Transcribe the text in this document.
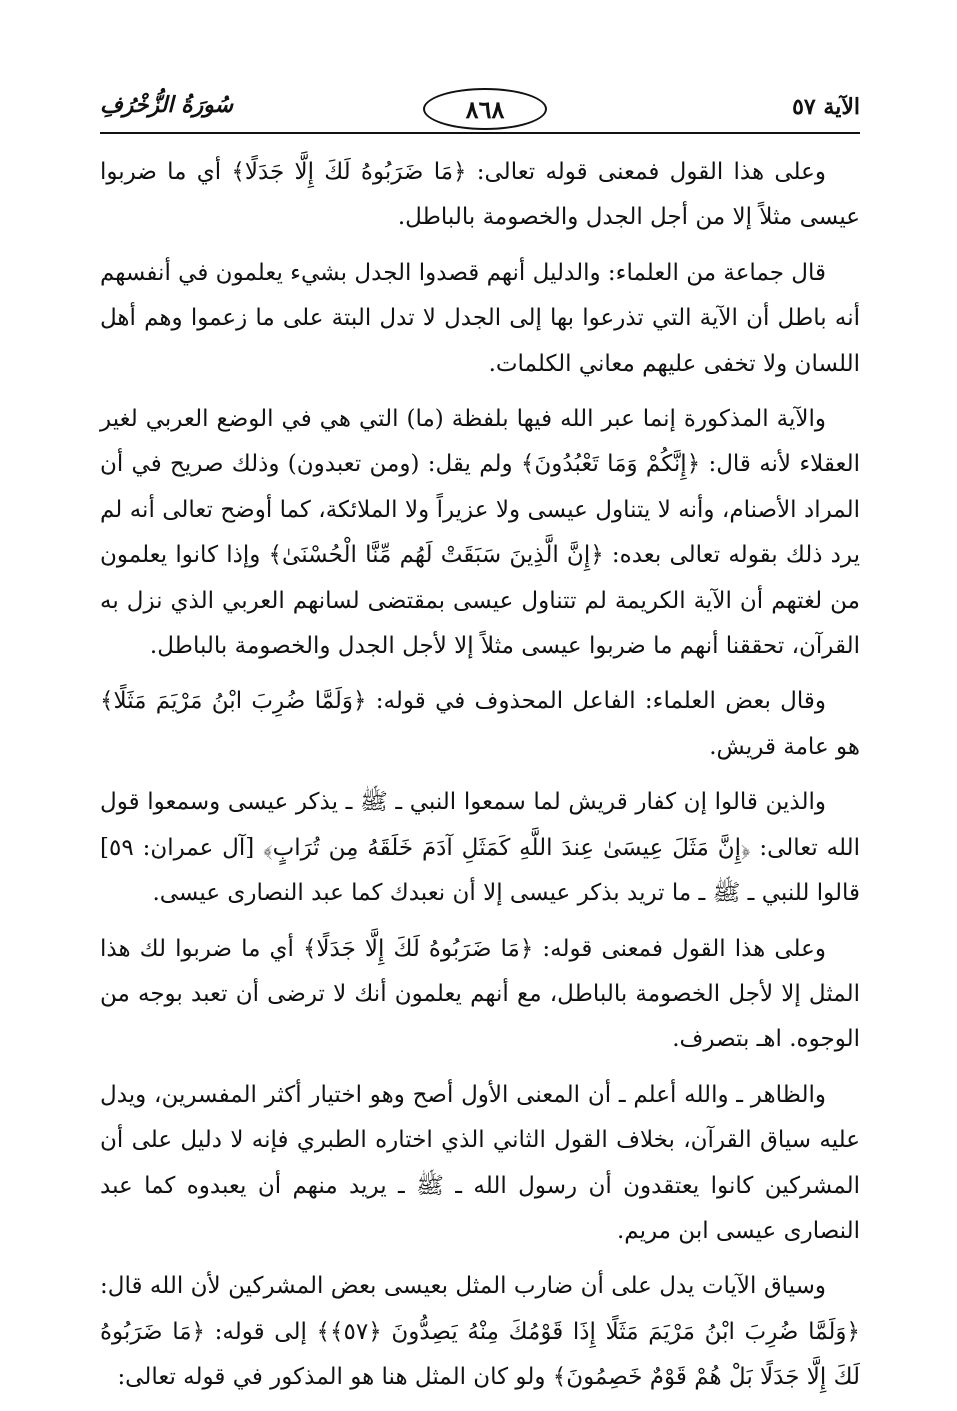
الآية ٥٧
٨٦٨
سُورَةُ الزُّخْرُفِ

وعلى هذا القول فمعنى قوله تعالى: ﴿مَا ضَرَبُوهُ لَكَ إِلَّا جَدَلًا﴾ أي ما ضربوا عيسى مثلاً إلا من أجل الجدل والخصومة بالباطل.

قال جماعة من العلماء: والدليل أنهم قصدوا الجدل بشيء يعلمون في أنفسهم أنه باطل أن الآية التي تذرعوا بها إلى الجدل لا تدل البتة على ما زعموا وهم أهل اللسان ولا تخفى عليهم معاني الكلمات.

والآية المذكورة إنما عبر الله فيها بلفظة (ما) التي هي في الوضع العربي لغير العقلاء لأنه قال: ﴿إِنَّكُمْ وَمَا تَعْبُدُونَ﴾ ولم يقل: (ومن تعبدون) وذلك صريح في أن المراد الأصنام، وأنه لا يتناول عيسى ولا عزيراً ولا الملائكة، كما أوضح تعالى أنه لم يرد ذلك بقوله تعالى بعده: ﴿إِنَّ الَّذِينَ سَبَقَتْ لَهُم مِّنَّا الْحُسْنَىٰ﴾ وإذا كانوا يعلمون من لغتهم أن الآية الكريمة لم تتناول عيسى بمقتضى لسانهم العربي الذي نزل به القرآن، تحققنا أنهم ما ضربوا عيسى مثلاً إلا لأجل الجدل والخصومة بالباطل.

وقال بعض العلماء: الفاعل المحذوف في قوله: ﴿وَلَمَّا ضُرِبَ ابْنُ مَرْيَمَ مَثَلًا﴾ هو عامة قريش.

والذين قالوا إن كفار قريش لما سمعوا النبي ـ ﷺ ـ يذكر عيسى وسمعوا قول الله تعالى: ﴿إِنَّ مَثَلَ عِيسَىٰ عِندَ اللَّهِ كَمَثَلِ آدَمَ خَلَقَهُ مِن تُرَابٍ﴾ [آل عمران: ٥٩] قالوا للنبي ـ ﷺ ـ ما تريد بذكر عيسى إلا أن نعبدك كما عبد النصارى عيسى.

وعلى هذا القول فمعنى قوله: ﴿مَا ضَرَبُوهُ لَكَ إِلَّا جَدَلًا﴾ أي ما ضربوا لك هذا المثل إلا لأجل الخصومة بالباطل، مع أنهم يعلمون أنك لا ترضى أن تعبد بوجه من الوجوه. اهـ بتصرف.

والظاهر ـ والله أعلم ـ أن المعنى الأول أصح وهو اختيار أكثر المفسرين، ويدل عليه سياق القرآن، بخلاف القول الثاني الذي اختاره الطبري فإنه لا دليل على أن المشركين كانوا يعتقدون أن رسول الله ـ ﷺ ـ يريد منهم أن يعبدوه كما عبد النصارى عيسى ابن مريم.

وسياق الآيات يدل على أن ضارب المثل بعيسى بعض المشركين لأن الله قال: ﴿وَلَمَّا ضُرِبَ ابْنُ مَرْيَمَ مَثَلًا إِذَا قَوْمُكَ مِنْهُ يَصِدُّونَ ﴿٥٧﴾﴾ إلى قوله: ﴿مَا ضَرَبُوهُ لَكَ إِلَّا جَدَلًا بَلْ هُمْ قَوْمٌ خَصِمُونَ﴾ ولو كان المثل هنا هو المذكور في قوله تعالى:
